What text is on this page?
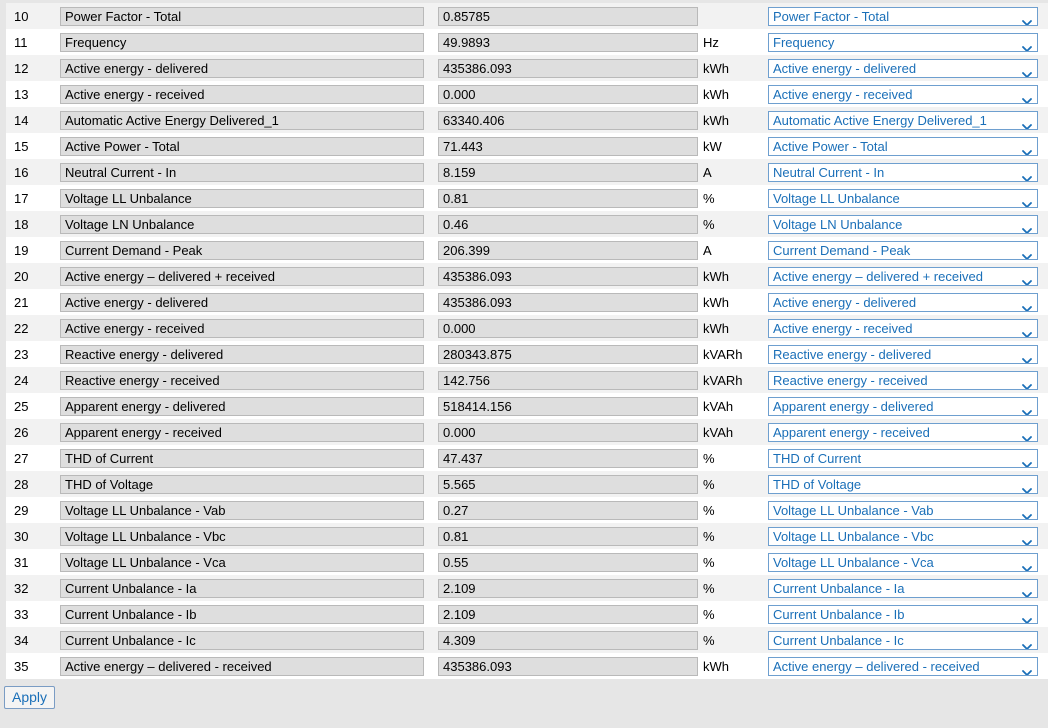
10	Power Factor - Total	0.85785		Power Factor - Total

11	Frequency	49.9893	Hz	Frequency

12	Active energy - delivered	435386.093	kWh	Active energy - delivered

13	Active energy - received	0.000	kWh	Active energy - received

14	Automatic Active Energy Delivered_1	63340.406	kWh	Automatic Active Energy Delivered_1

15	Active Power - Total	71.443	kW	Active Power - Total

16	Neutral Current - In	8.159	A	Neutral Current - In

17	Voltage LL Unbalance	0.81	%	Voltage LL Unbalance

18	Voltage LN Unbalance	0.46	%	Voltage LN Unbalance

19	Current Demand - Peak	206.399	A	Current Demand - Peak

20	Active energy – delivered + received	435386.093	kWh	Active energy – delivered + received

21	Active energy - delivered	435386.093	kWh	Active energy - delivered

22	Active energy - received	0.000	kWh	Active energy - received

23	Reactive energy - delivered	280343.875	kVARh	Reactive energy - delivered

24	Reactive energy - received	142.756	kVARh	Reactive energy - received

25	Apparent energy - delivered	518414.156	kVAh	Apparent energy - delivered

26	Apparent energy - received	0.000	kVAh	Apparent energy - received

27	THD of Current	47.437	%	THD of Current

28	THD of Voltage	5.565	%	THD of Voltage

29	Voltage LL Unbalance - Vab	0.27	%	Voltage LL Unbalance - Vab

30	Voltage LL Unbalance - Vbc	0.81	%	Voltage LL Unbalance - Vbc

31	Voltage LL Unbalance - Vca	0.55	%	Voltage LL Unbalance - Vca

32	Current Unbalance - Ia	2.109	%	Current Unbalance - Ia

33	Current Unbalance - Ib	2.109	%	Current Unbalance - Ib

34	Current Unbalance - Ic	4.309	%	Current Unbalance - Ic

35	Active energy – delivered - received	435386.093	kWh	Active energy – delivered - received
Apply
